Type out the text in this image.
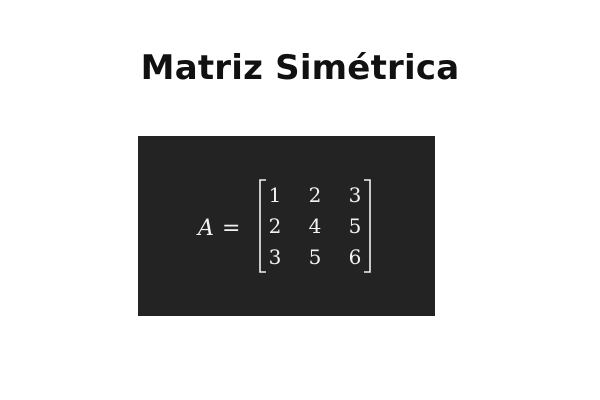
Matriz Simétrica
A =
1 2 3
2 4 5
3 5 6
